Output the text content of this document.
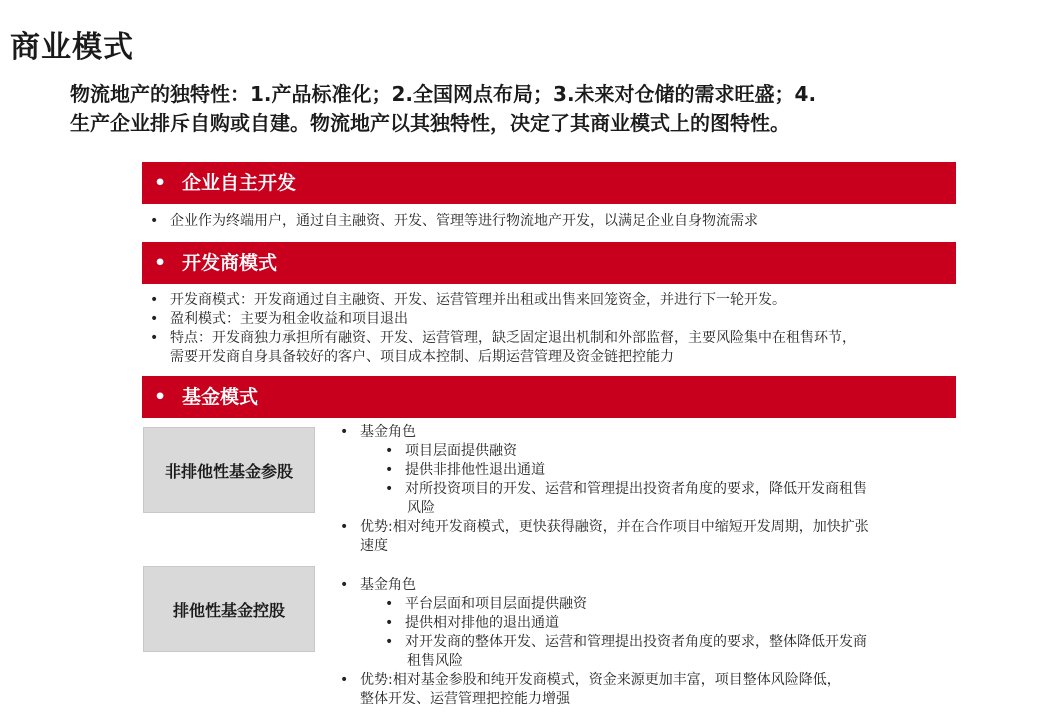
商业模式
物流地产的独特性：1.产品标准化；2.全国网点布局；3.未来对仓储的需求旺盛；4.
生产企业排斥自购或自建。物流地产以其独特性，决定了其商业模式上的图特性。
• 企业自主开发
• 企业作为终端用户，通过自主融资、开发、管理等进行物流地产开发，以满足企业自身物流需求
• 开发商模式
• 开发商模式：开发商通过自主融资、开发、运营管理并出租或出售来回笼资金，并进行下一轮开发。
• 盈利模式：主要为租金收益和项目退出
• 特点：开发商独力承担所有融资、开发、运营管理，缺乏固定退出机制和外部监督，主要风险集中在租售环节，
需要开发商自身具备较好的客户、项目成本控制、后期运营管理及资金链把控能力
• 基金模式
非排他性基金参股
• 基金角色
• 项目层面提供融资
• 提供非排他性退出通道
• 对所投资项目的开发、运营和管理提出投资者角度的要求，降低开发商租售
风险
• 优势:相对纯开发商模式，更快获得融资，并在合作项目中缩短开发周期，加快扩张
速度
排他性基金控股
• 基金角色
• 平台层面和项目层面提供融资
• 提供相对排他的退出通道
• 对开发商的整体开发、运营和管理提出投资者角度的要求，整体降低开发商
租售风险
• 优势:相对基金参股和纯开发商模式，资金来源更加丰富，项目整体风险降低，
整体开发、运营管理把控能力增强
